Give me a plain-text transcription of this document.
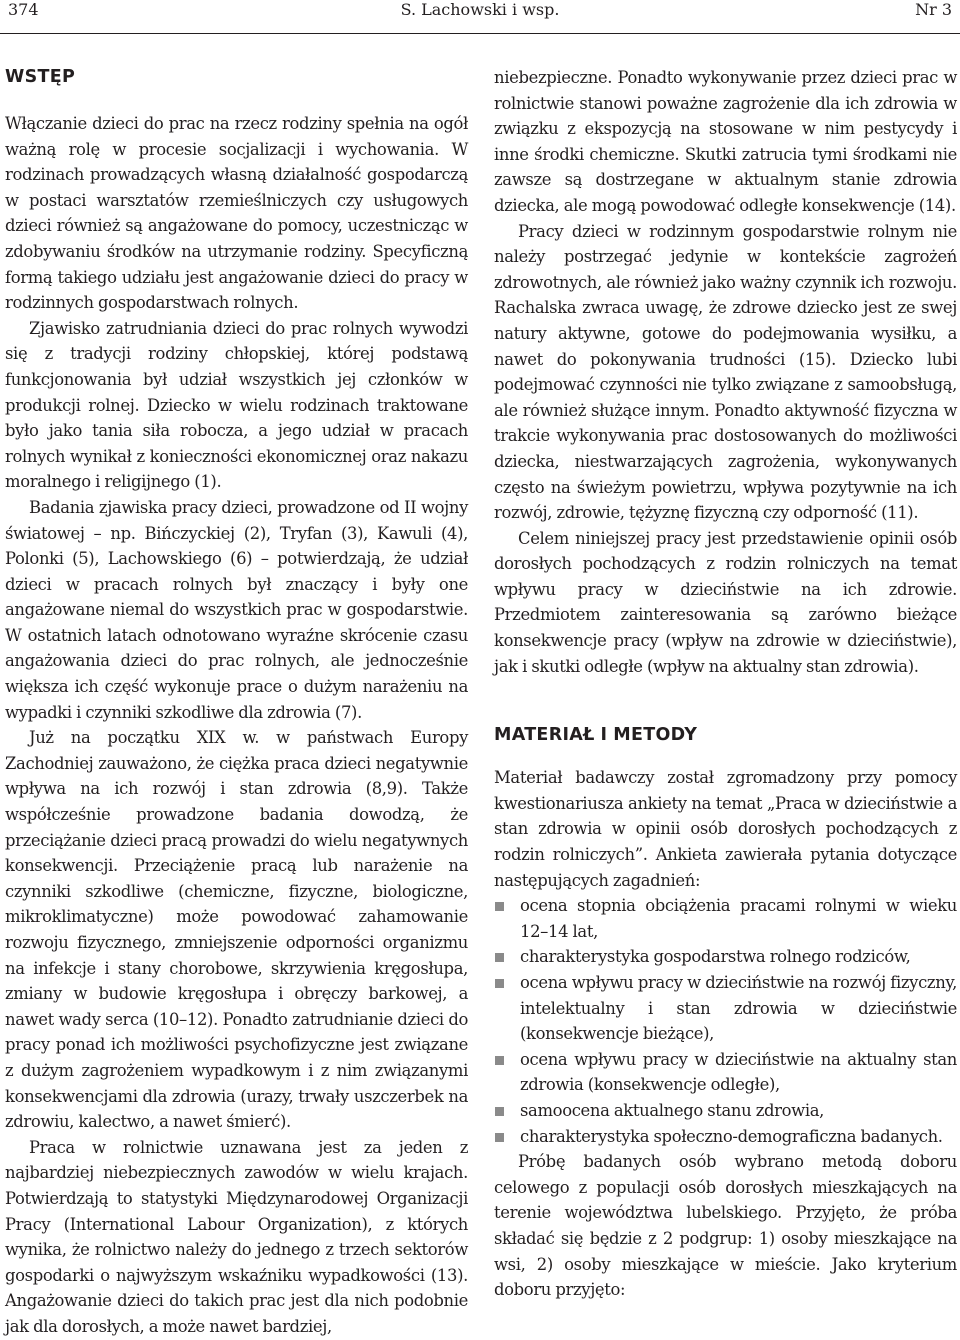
374	S. Lachowski i wsp.	Nr 3
WSTĘP

Włączanie dzieci do prac na rzecz rodziny spełnia na ogół ważną rolę w procesie socjalizacji i wychowania. W rodzinach prowadzących własną działalność gospodarczą w postaci warsztatów rzemieślniczych czy usługowych dzieci również są angażowane do pomocy, uczestnicząc w zdobywaniu środków na utrzymanie rodziny. Specyficzną formą takiego udziału jest angażowanie dzieci do pracy w rodzinnych gospodarstwach rolnych.

Zjawisko zatrudniania dzieci do prac rolnych wywodzi się z tradycji rodziny chłopskiej, której podstawą funkcjonowania był udział wszystkich jej członków w produkcji rolnej. Dziecko w wielu rodzinach traktowane było jako tania siła robocza, a jego udział w pracach rolnych wynikał z konieczności ekonomicznej oraz nakazu moralnego i religijnego (1).

Badania zjawiska pracy dzieci, prowadzone od II wojny światowej – np. Bińczyckiej (2), Tryfan (3), Kawuli (4), Polonki (5), Lachowskiego (6) – potwierdzają, że udział dzieci w pracach rolnych był znaczący i były one angażowane niemal do wszystkich prac w gospodarstwie. W ostatnich latach odnotowano wyraźne skrócenie czasu angażowania dzieci do prac rolnych, ale jednocześnie większa ich część wykonuje prace o dużym narażeniu na wypadki i czynniki szkodliwe dla zdrowia (7).

Już na początku XIX w. w państwach Europy Zachodniej zauważono, że ciężka praca dzieci negatywnie wpływa na ich rozwój i stan zdrowia (8,9). Także współcześnie prowadzone badania dowodzą, że przeciążanie dzieci pracą prowadzi do wielu negatywnych konsekwencji. Przeciążenie pracą lub narażenie na czynniki szkodliwe (chemiczne, fizyczne, biologiczne, mikroklimatyczne) może powodować zahamowanie rozwoju fizycznego, zmniejszenie odporności organizmu na infekcje i stany chorobowe, skrzywienia kręgosłupa, zmiany w budowie kręgosłupa i obręczy barkowej, a nawet wady serca (10–12). Ponadto zatrudnianie dzieci do pracy ponad ich możliwości psychofizyczne jest związane z dużym zagrożeniem wypadkowym i z nim związanymi konsekwencjami dla zdrowia (urazy, trwały uszczerbek na zdrowiu, kalectwo, a nawet śmierć).

Praca w rolnictwie uznawana jest za jeden z najbardziej niebezpiecznych zawodów w wielu krajach. Potwierdzają to statystyki Międzynarodowej Organizacji Pracy (International Labour Organization), z których wynika, że rolnictwo należy do jednego z trzech sektorów gospodarki o najwyższym wskaźniku wypadkowości (13). Angażowanie dzieci do takich prac jest dla nich podobnie jak dla dorosłych, a może nawet bardziej,

niebezpieczne. Ponadto wykonywanie przez dzieci prac w rolnictwie stanowi poważne zagrożenie dla ich zdrowia w związku z ekspozycją na stosowane w nim pestycydy i inne środki chemiczne. Skutki zatrucia tymi środkami nie zawsze są dostrzegane w aktualnym stanie zdrowia dziecka, ale mogą powodować odległe konsekwencje (14).

Pracy dzieci w rodzinnym gospodarstwie rolnym nie należy postrzegać jedynie w kontekście zagrożeń zdrowotnych, ale również jako ważny czynnik ich rozwoju. Rachalska zwraca uwagę, że zdrowe dziecko jest ze swej natury aktywne, gotowe do podejmowania wysiłku, a nawet do pokonywania trudności (15). Dziecko lubi podejmować czynności nie tylko związane z samoobsługą, ale również służące innym. Ponadto aktywność fizyczna w trakcie wykonywania prac dostosowanych do możliwości dziecka, niestwarzających zagrożenia, wykonywanych często na świeżym powietrzu, wpływa pozytywnie na ich rozwój, zdrowie, tężyznę fizyczną czy odporność (11).

Celem niniejszej pracy jest przedstawienie opinii osób dorosłych pochodzących z rodzin rolniczych na temat wpływu pracy w dzieciństwie na ich zdrowie. Przedmiotem zainteresowania są zarówno bieżące konsekwencje pracy (wpływ na zdrowie w dzieciństwie), jak i skutki odległe (wpływ na aktualny stan zdrowia).

MATERIAŁ I METODY

Materiał badawczy został zgromadzony przy pomocy kwestionariusza ankiety na temat „Praca w dzieciństwie a stan zdrowia w opinii osób dorosłych pochodzących z rodzin rolniczych”. Ankieta zawierała pytania dotyczące następujących zagadnień:

ocena stopnia obciążenia pracami rolnymi w wieku 12–14 lat,
charakterystyka gospodarstwa rolnego rodziców,
ocena wpływu pracy w dzieciństwie na rozwój fizyczny, intelektualny i stan zdrowia w dzieciństwie (konsekwencje bieżące),
ocena wpływu pracy w dzieciństwie na aktualny stan zdrowia (konsekwencje odległe),
samoocena aktualnego stanu zdrowia,
charakterystyka społeczno-demograficzna badanych.

Próbę badanych osób wybrano metodą doboru celowego z populacji osób dorosłych mieszkających na terenie województwa lubelskiego. Przyjęto, że próba składać się będzie z 2 podgrup: 1) osoby mieszkające na wsi, 2) osoby mieszkające w mieście. Jako kryterium doboru przyjęto:
